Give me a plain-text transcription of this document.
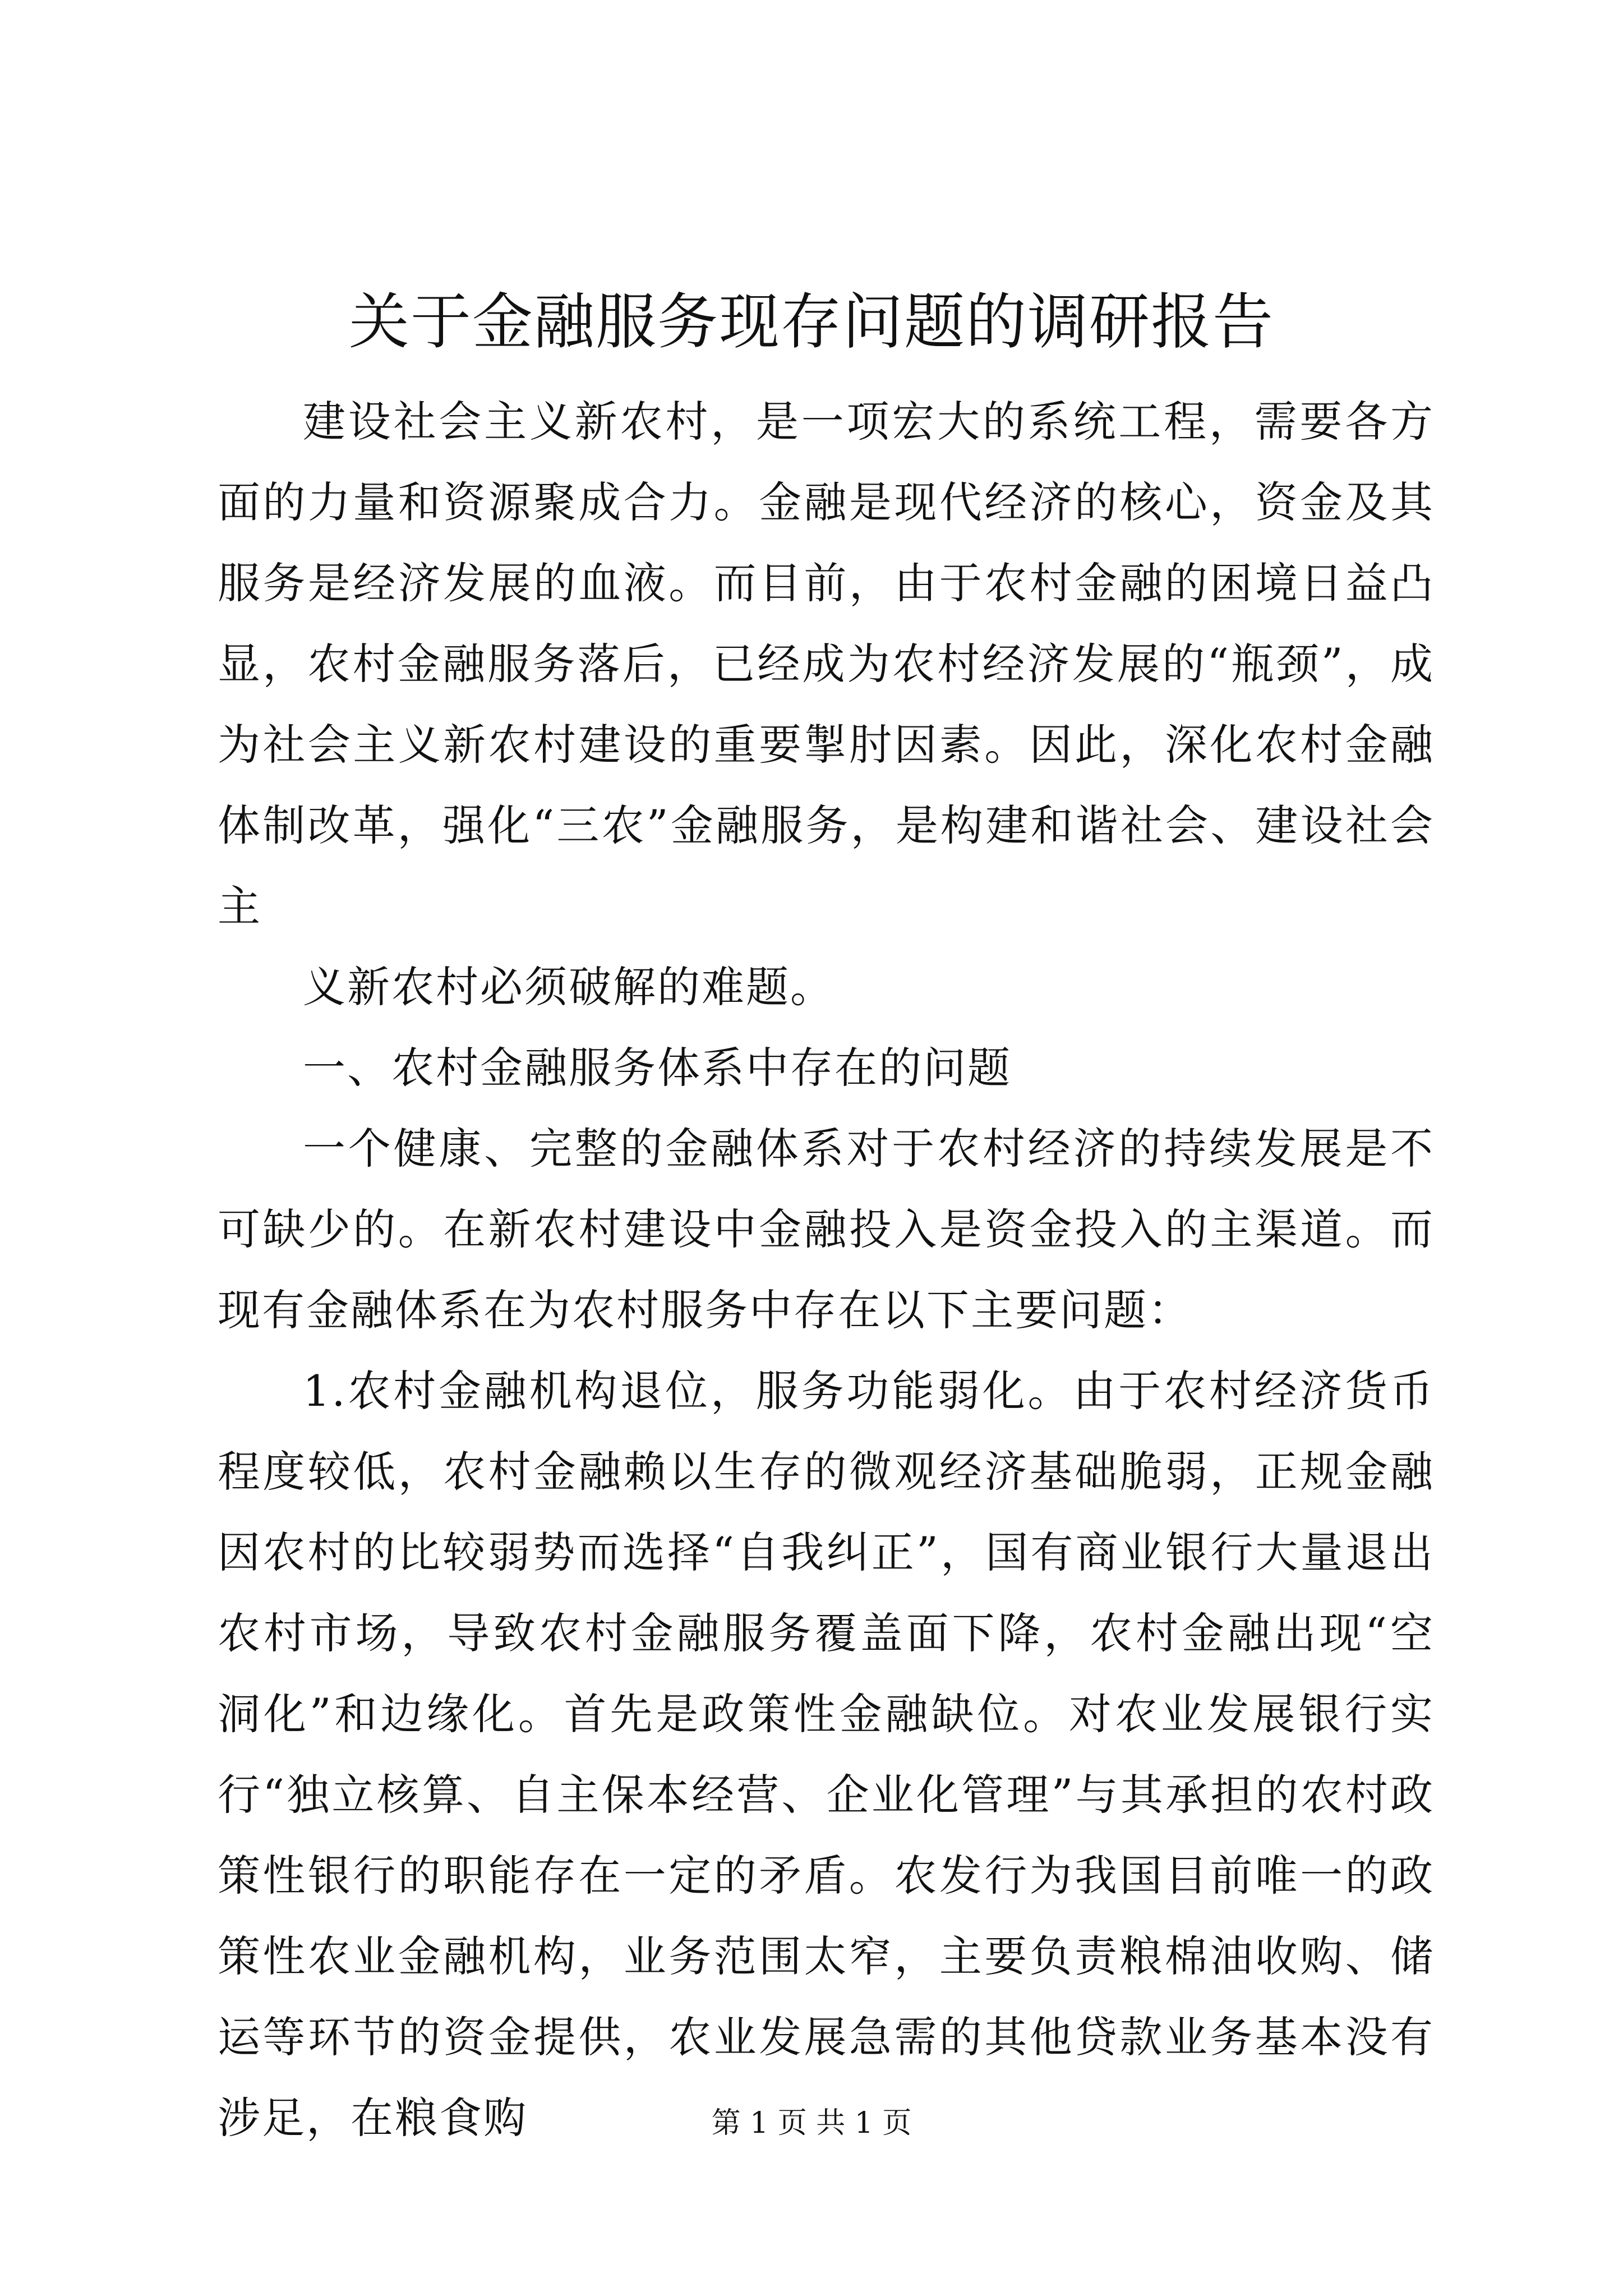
关于金融服务现存问题的调研报告

建设社会主义新农村，是一项宏大的系统工程，需要各方面的力量和资源聚成合力。金融是现代经济的核心，资金及其服务是经济发展的血液。而目前，由于农村金融的困境日益凸显，农村金融服务落后，已经成为农村经济发展的“瓶颈”，成为社会主义新农村建设的重要掣肘因素。因此，深化农村金融体制改革，强化“三农”金融服务，是构建和谐社会、建设社会主

义新农村必须破解的难题。

一、农村金融服务体系中存在的问题

一个健康、完整的金融体系对于农村经济的持续发展是不可缺少的。在新农村建设中金融投入是资金投入的主渠道。而现有金融体系在为农村服务中存在以下主要问题：

1.农村金融机构退位，服务功能弱化。由于农村经济货币程度较低，农村金融赖以生存的微观经济基础脆弱，正规金融因农村的比较弱势而选择“自我纠正”，国有商业银行大量退出农村市场，导致农村金融服务覆盖面下降，农村金融出现“空洞化”和边缘化。首先是政策性金融缺位。对农业发展银行实行“独立核算、自主保本经营、企业化管理”与其承担的农村政策性银行的职能存在一定的矛盾。农发行为我国目前唯一的政策性农业金融机构，业务范围太窄，主要负责粮棉油收购、储运等环节的资金提供，农业发展急需的其他贷款业务基本没有涉足，在粮食购	第 1 页 共 1 页
